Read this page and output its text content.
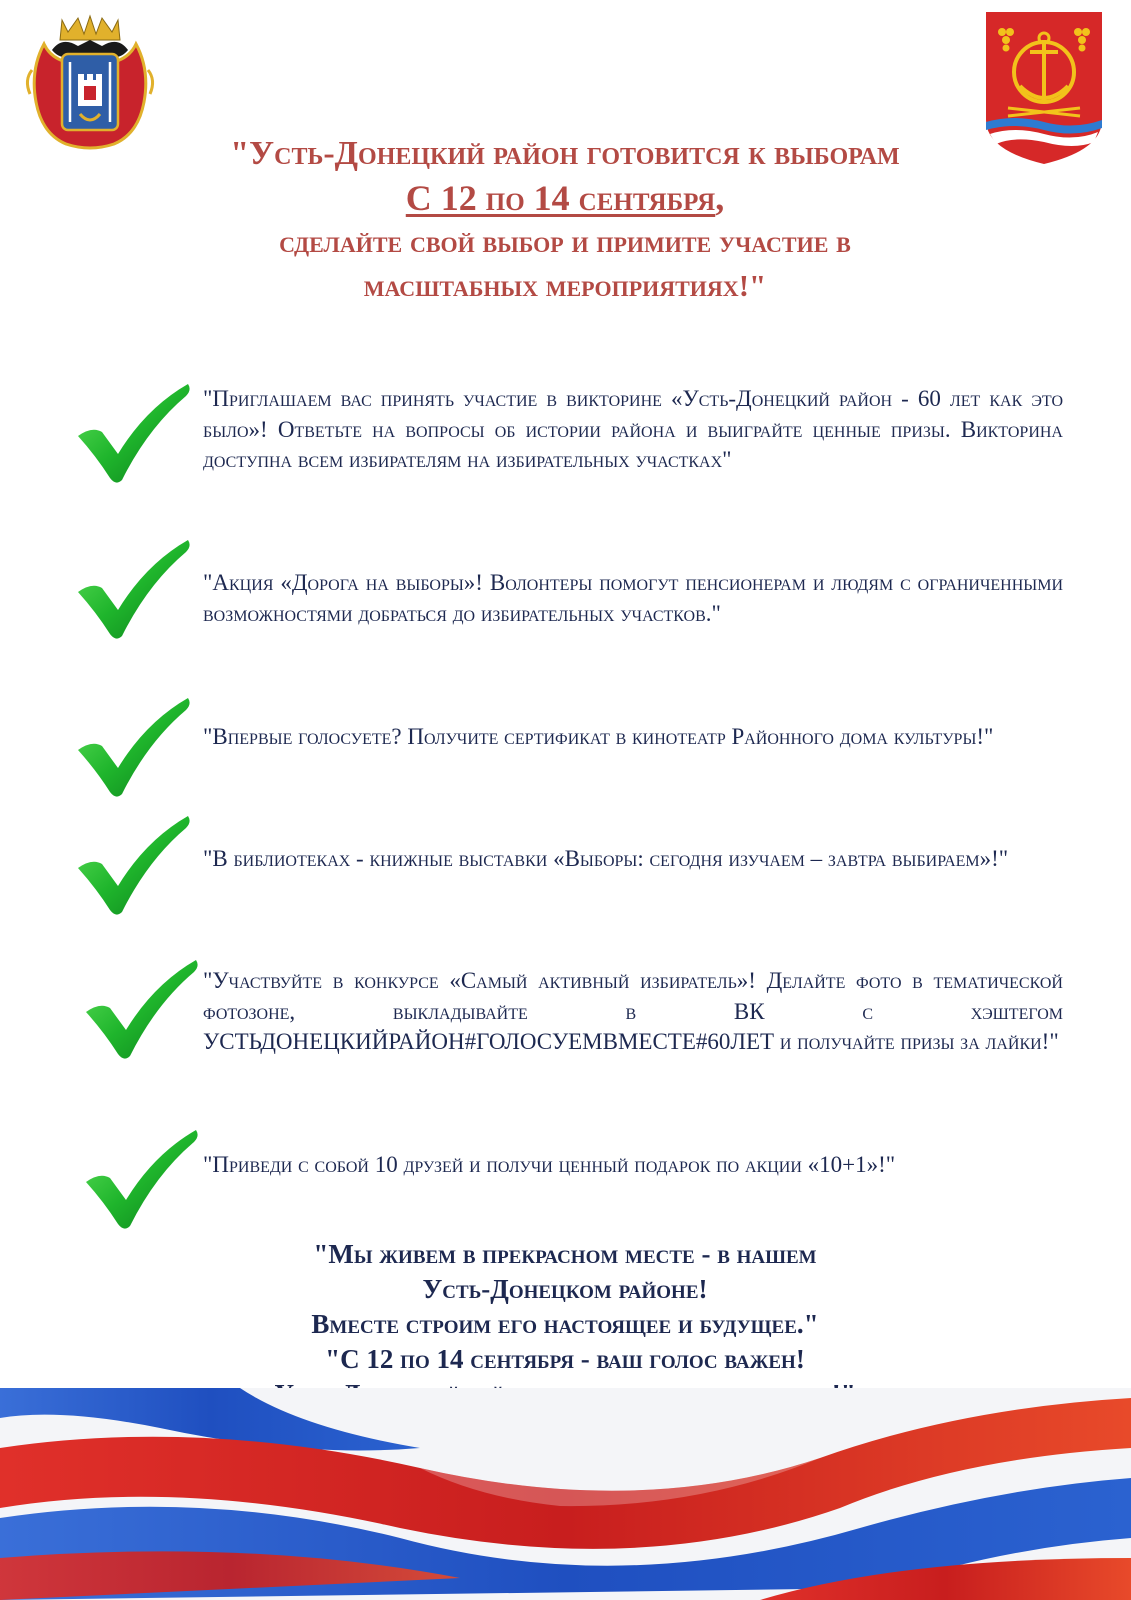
"Усть-Донецкий район готовится к выборам
С 12 по 14 сентября,
сделайте свой выбор и примите участие в
масштабных мероприятиях!"
"Приглашаем вас принять участие в викторине «Усть-Донецкий район - 60 лет как это было»! Ответьте на вопросы об истории района и выиграйте ценные призы. Викторина доступна всем избирателям на избирательных участках"
"Акция «Дорога на выборы»! Волонтеры помогут пенсионерам и людям с ограниченными возможностями добраться до избирательных участков."
"Впервые голосуете? Получите сертификат в кинотеатр Районного дома культуры!"
"В библиотеках - книжные выставки «Выборы: сегодня изучаем – завтра выбираем»!"
"Участвуйте в конкурсе «Самый активный избиратель»! Делайте фото в тематической фотозоне, выкладывайте в ВК с хэштегом УСТЬДОНЕЦКИЙРАЙОН#ГОЛОСУЕМВМЕСТЕ#60ЛЕТ и получайте призы за лайки!"
"Приведи с собой 10 друзей и получи ценный подарок по акции «10+1»!"
"Мы живем в прекрасном месте - в нашем
Усть-Донецком районе!
Вместе строим его настоящее и будущее."
"С 12 по 14 сентября - ваш голос важен!
